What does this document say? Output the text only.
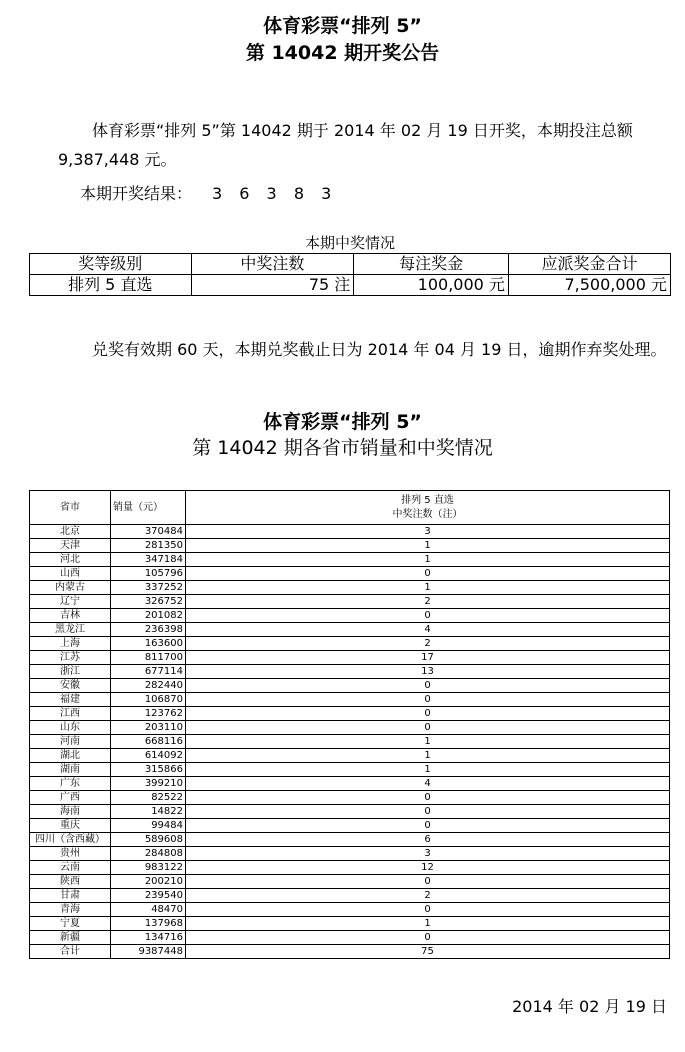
体育彩票“排列 5”
第 14042 期开奖公告
体育彩票“排列 5”第 14042 期于 2014 年 02 月 19 日开奖，本期投注总额 9,387,448 元。
本期开奖结果： 3 6 3 8 3
本期中奖情况
奖等级别	中奖注数	每注奖金	应派奖金合计
排列 5 直选	75 注	100,000 元	7,500,000 元
兑奖有效期 60 天，本期兑奖截止日为 2014 年 04 月 19 日，逾期作弃奖处理。
体育彩票“排列 5”
第 14042 期各省市销量和中奖情况
省市	销量（元）	排列 5 直选
中奖注数（注）

北京	370484	3
天津	281350	1
河北	347184	1
山西	105796	0
内蒙古	337252	1
辽宁	326752	2
吉林	201082	0
黑龙江	236398	4
上海	163600	2
江苏	811700	17
浙江	677114	13
安徽	282440	0
福建	106870	0
江西	123762	0
山东	203110	0
河南	668116	1
湖北	614092	1
湖南	315866	1
广东	399210	4
广西	82522	0
海南	14822	0
重庆	99484	0
四川（含西藏）	589608	6
贵州	284808	3
云南	983122	12
陕西	200210	0
甘肃	239540	2
青海	48470	0
宁夏	137968	1
新疆	134716	0
合计	9387448	75
2014 年 02 月 19 日
